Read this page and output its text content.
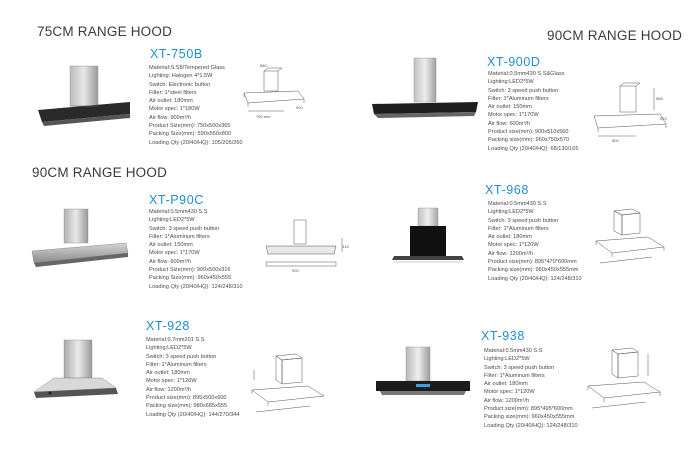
75CM RANGE HOOD	90CM RANGE HOOD
90CM RANGE HOOD
XT-750B
Material:S.S8/Tempered Glass
Lighting: Halogen 4*1.5W
Switch: Electronic button
Filter: 1*steel filters
Air outlet: 180mm
Motor spec: 1*180W
Air flow: 900m³/h
Product Size(mm): 750x500x365
Packing Size(mm): 590x550x800
Loading Qty (20/40/HQ): 105/205/260
580
750 mm
500
XT-900D
Material:0.5mm430 S.S&Glass
Lighting:LED2*5W
Switch: 3 speed push button
Filter: 1*Aluminum filters
Air outlet: 150mm
Motor spec: 1*170W
Air flow: 600m³/h
Product size(mm): 900x510x560
Packing size(mm): 960x750x570
Loading Qty (20/40/HQ): 68/130/165
900
510
565
XT-P90C
Material:0.5mm430 S.S
Lighting:LED2*5W
Switch: 3 speed push button
Filter: 1*Aluminum filters
Air outlet: 150mm
Motor spec: 1*170W
Air flow: 600m³/h
Product Size(mm): 900x500x316
Packing Size(mm): 960x450x555
Loading Qty (20/40/HQ): 124/248/310
900
316
XT-968
Material:0.5mm430 S.S
Lighting:LED2*5W
Switch: 3 speed push button
Filter: 1*Aluminum filters
Air outlet: 180mm
Motor spec: 1*120W
Air flow: 1200m³/h
Product size(mm): 895*470*600mm
Packing size(mm): 960x450x555mm
Loading Qty (20/40/HQ): 124/248/310
XT-928
Material:0.7mm201 S.S
Lighting:LED2*5W
Switch: 3 speed push button
Filter: 1*Aluminum filters
Air outlet: 180mm
Motor spec: 1*120W
Air flow: 1200m³/h
Product size(mm): 895x500x600
Packing size(mm): 980x685x555
Loading Qty (20/40/HQ): 144/270/344
XT-938
Material:0.5mm430 S.S
Lighting:LED2*5W
Switch: 3 speed push button
Filter: 1*Aluminum filters
Air outlet: 180mm
Motor spec: 1*120W
Air flow: 1200m³/h
Product size(mm): 895*495*600mm
Packing size(mm): 960x450x555mm
Loading Qty (20/40/HQ): 124/248/310
